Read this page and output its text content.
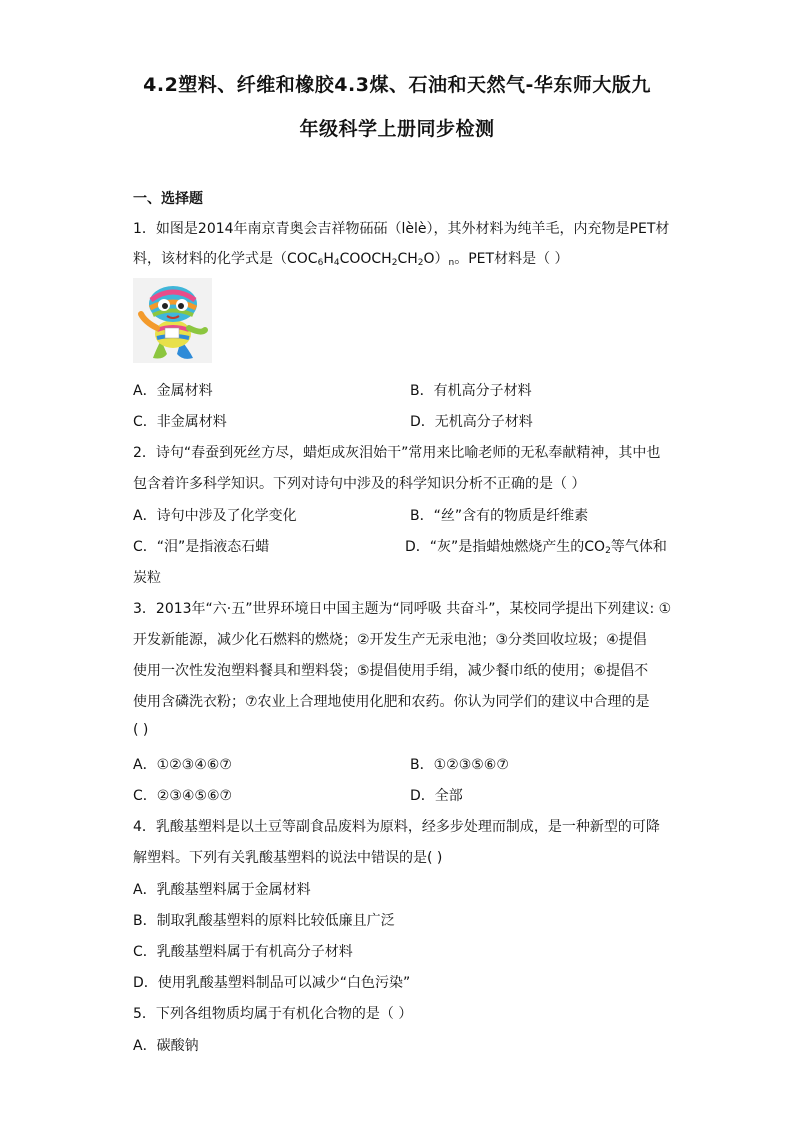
4.2塑料、纤维和橡胶4.3煤、石油和天然气-华东师大版九
年级科学上册同步检测
一、选择题
1．如图是2014年南京青奥会吉祥物砳砳（lèlè），其外材料为纯羊毛，内充物是PET材
料，该材料的化学式是$(COC_6H_4COOCH_2CH_2O)_n$。PET材料是（ ）
A．金属材料	B．有机高分子材料
C．非金属材料	D．无机高分子材料
2．诗句“春蚕到死丝方尽，蜡炬成灰泪始干”常用来比喻老师的无私奉献精神，其中也
包含着许多科学知识。下列对诗句中涉及的科学知识分析不正确的是（ ）
A．诗句中涉及了化学变化	B．“丝”含有的物质是纤维素
C．“泪”是指液态石蜡	D．“灰”是指蜡烛燃烧产生的$CO_2$等气体和
炭粒
3．2013年“六·五”世界环境日中国主题为“同呼吸 共奋斗”，某校同学提出下列建议: ①
开发新能源，减少化石燃料的燃烧；②开发生产无汞电池；③分类回收垃圾；④提倡
使用一次性发泡塑料餐具和塑料袋；⑤提倡使用手绢，减少餐巾纸的使用；⑥提倡不
使用含磷洗衣粉；⑦农业上合理地使用化肥和农药。你认为同学们的建议中合理的是
( )
A．①②③④⑥⑦	B．①②③⑤⑥⑦
C．②③④⑤⑥⑦	D．全部
4．乳酸基塑料是以土豆等副食品废料为原料，经多步处理而制成，是一种新型的可降
解塑料。下列有关乳酸基塑料的说法中错误的是( )
A．乳酸基塑料属于金属材料
B．制取乳酸基塑料的原料比较低廉且广泛
C．乳酸基塑料属于有机高分子材料
D．使用乳酸基塑料制品可以减少“白色污染”
5．下列各组物质均属于有机化合物的是（ ）
A．碳酸钠
